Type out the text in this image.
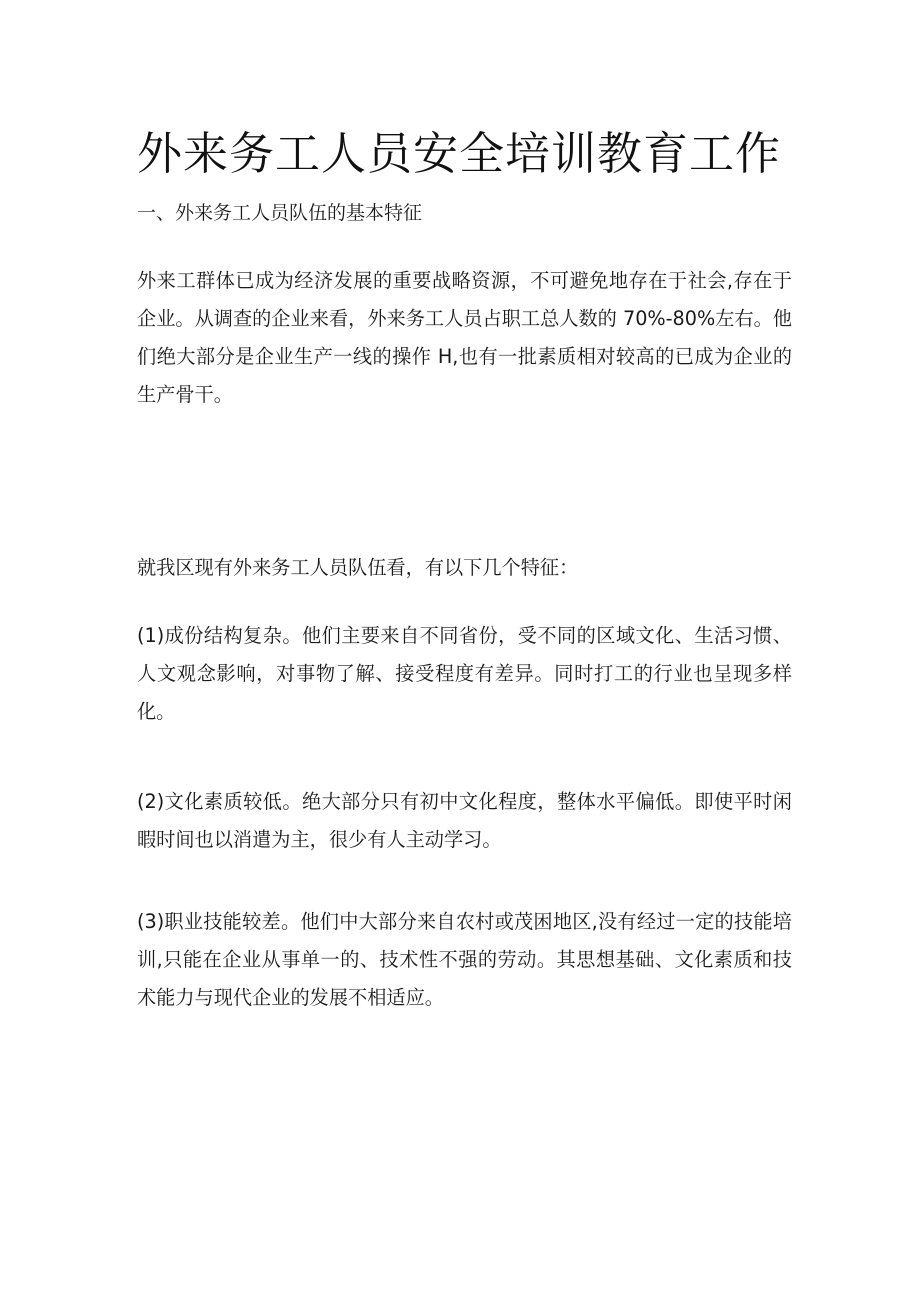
外来务工人员安全培训教育工作
一、外来务工人员队伍的基本特征

外来工群体已成为经济发展的重要战略资源，不可避免地存在于社会,存在于企业。从调查的企业来看，外来务工人员占职工总人数的 70%-80%左右。他们绝大部分是企业生产一线的操作 H,也有一批素质相对较高的已成为企业的生产骨干。

就我区现有外来务工人员队伍看，有以下几个特征：

(1)成份结构复杂。他们主要来自不同省份，受不同的区域文化、生活习惯、人文观念影响，对事物了解、接受程度有差异。同时打工的行业也呈现多样化。

(2)文化素质较低。绝大部分只有初中文化程度，整体水平偏低。即使平时闲暇时间也以消遣为主，很少有人主动学习。

(3)职业技能较差。他们中大部分来自农村或茂困地区,没有经过一定的技能培训,只能在企业从事单一的、技术性不强的劳动。其思想基础、文化素质和技术能力与现代企业的发展不相适应。
